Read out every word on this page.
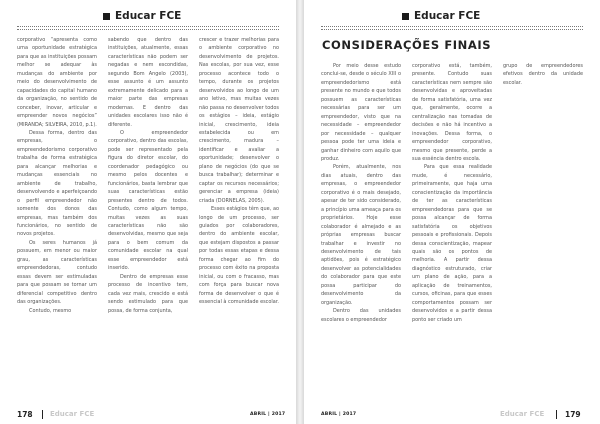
Educar FCE

corporativo “apresenta como uma oportunidade estratégica para que as instituições possam melhor se adequar às mudanças do ambiente por meio do desenvolvimento de capacidades do capital humano da organização, no sentido de conceber, inovar, articular e empreender novos negócios” (MIRANDA; SILVEIRA, 2010, p.1).

Dessa forma, dentro das empresas, o empreendedorismo corporativo trabalha de forma estratégica para alcançar melhorias e mudanças essenciais no ambiente de trabalho, desenvolvendo e aperfeiçoando o perfil empreendedor não somente dos donos das empresas, mas também dos funcionários, no sentido de novos projetos.

Os seres humanos já possuem, em menor ou maior grau, as características empreendedoras, contudo essas devem ser estimuladas para que possam se tornar um diferencial competitivo dentro das organizações.

Contudo, mesmo

sabendo que dentro das instituições, atualmente, essas características não podem ser negadas e nem escondidas, segundo Bom Angelo (2003), esse assunto é um assunto extremamente delicado para a maior parte das empresas modernas. E dentro das unidades escolares isso não é diferente.

O empreendedor corporativo, dentro das escolas, pode ser representado pela figura do diretor escolar, do coordenador pedagógico ou mesmo pelos docentes e funcionários, basta lembrar que suas características estão presentes dentro de todos. Contudo, como algum tempo, muitas vezes as suas características não são desenvolvidas, mesmo que seja para o bem comum da comunidade escolar na qual esse empreendedor está inserido.

Dentro de empresas esse processo de incentivo tem, cada vez mais, crescido e está sendo estimulado para que possa, de forma conjunta,

crescer e trazer melhorias para o ambiente corporativo no desenvolvimento de projetos. Nas escolas, por sua vez, esse processo acontece todo o tempo, durante os projetos desenvolvidos ao longo de um ano letivo, mas muitas vezes não passa no desenvolver todos os estágios – ideia, estágio inicial, crescimento, ideia estabelecida ou em crescimento, madura – identificar e avaliar a oportunidade; desenvolver o plano de negócios (do que se busca trabalhar); determinar e captar os recursos necessários; gerenciar a empresa (ideia) criada (DORNELAS, 2005).

Esses estágios têm que, ao longo de um processo, ser guiados por colaboradores, dentro do ambiente escolar, que estejam dispostos a passar por todas essas etapas e dessa forma chegar ao fim do processo com êxito na proposta inicial, ou com o fracasso, mas com força para buscar nova forma de desenvolver o que é essencial à comunidade escolar.

178 Educar FCE	ABRIL | 2017
Educar FCE
CONSIDERAÇÕES FINAIS

Por meio desse estudo conclui-se, desde o século XIII o empreendedorismo está presente no mundo e que todos possuem as características necessárias para ser um empreendedor, visto que na necessidade – empreendedor por necessidade – qualquer pessoa pode ter uma ideia e ganhar dinheiro com aquilo que produz.

Porém, atualmente, nos dias atuais, dentro das empresas, o empreendedor corporativo é o mais desejado, apesar de ter sido considerado, a princípio uma ameaça para os proprietários. Hoje esse colaborador é almejado e as próprias empresas buscar trabalhar e investir no desenvolvimento de tais aptidões, pois é estratégico desenvolver as potencialidades do colaborador para que este possa participar do desenvolvimento da organização.

Dentro das unidades escolares o empreendedor

corporativo está, também, presente. Contudo suas características nem sempre são desenvolvidas e aproveitadas de forma satisfatória, uma vez que, geralmente, ocorre a centralização nas tomadas de decisões e não há incentivo a inovações. Dessa forma, o empreendedor corporativo, mesmo que presente, perde a sua essência dentro escola.

Para que essa realidade mude, é necessário, primeiramente, que haja uma conscientização da importância de ter as características empreendedoras para que se possa alcançar de forma satisfatória os objetivos pessoais e profissionais. Depois dessa conscientização, mapear quais são os pontos de melhoria. A partir dessa diagnóstico estruturado, criar um plano de ação, para a aplicação de treinamentos, cursos, oficinas, para que esses comportamentos possam ser desenvolvidos e a partir dessa ponto ser criado um

grupo de empreendedores efetivos dentro da unidade escolar.

ABRIL | 2017	Educar FCE	179
